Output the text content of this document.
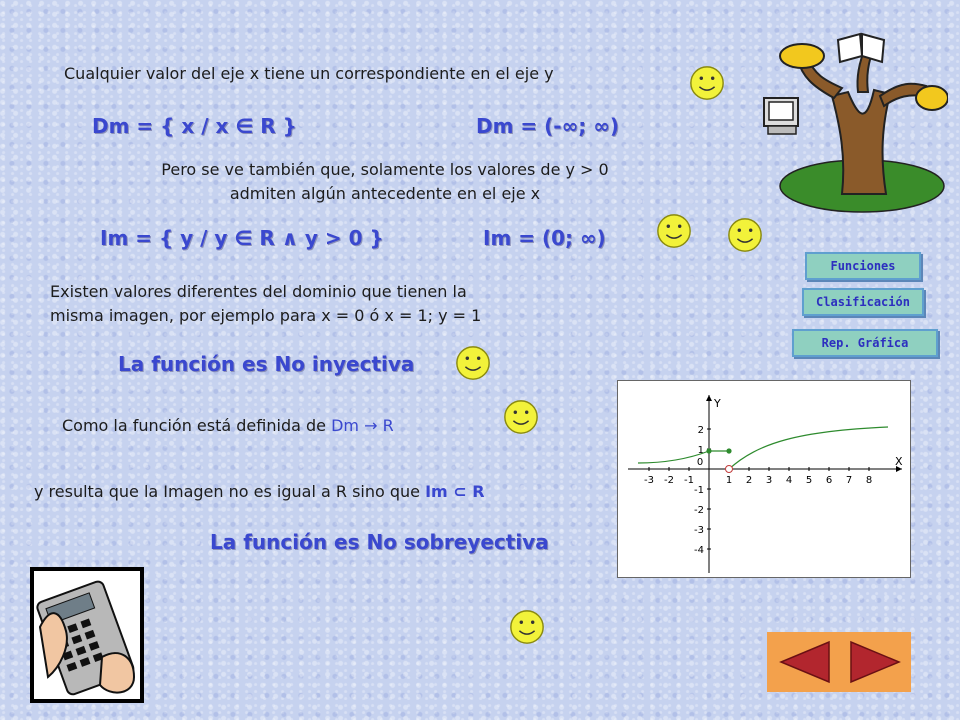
Cualquier valor del eje x tiene un correspondiente en el eje y
Dm = { x / x ∈ R }	Dm = (-∞; ∞)
Pero se ve también que, solamente los valores de y > 0
admiten algún antecedente en el eje x
Im = { y / y ∈ R ∧ y > 0 }	Im = (0; ∞)
Existen valores diferentes del dominio que tienen la
misma imagen, por ejemplo para x = 0 ó x = 1; y = 1
La función es No inyectiva
Como la función está definida de Dm → R
y resulta que la Imagen no es igual a R sino que Im ⊂ R
La función es No sobreyectiva
Funciones
Clasificación
Rep. Gráfica
X
Y
-3 -2 -1
0
1 2 3 4 5 6 7 8
2
1
-1
-2
-3
-4
